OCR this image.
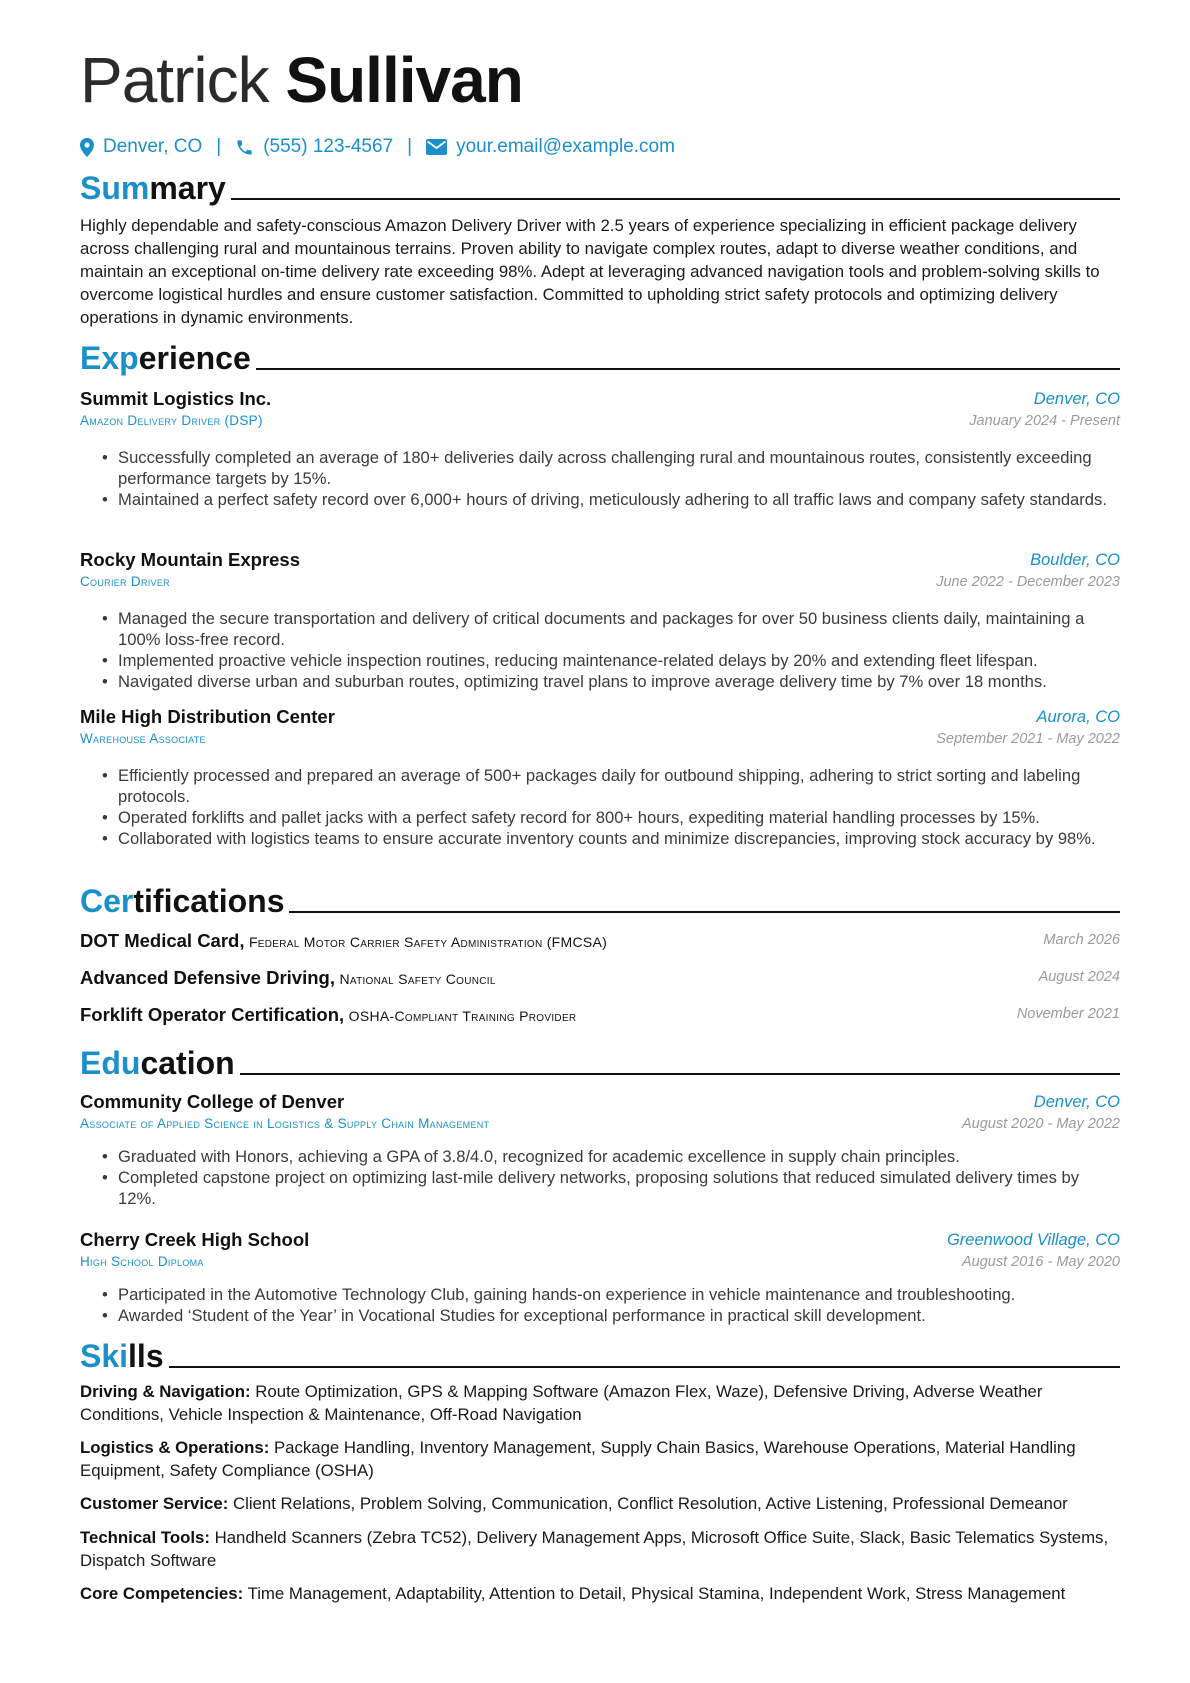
Patrick Sullivan
Denver, CO | (555) 123-4567 | your.email@example.com
Summary
Highly dependable and safety-conscious Amazon Delivery Driver with 2.5 years of experience specializing in efficient package delivery across challenging rural and mountainous terrains. Proven ability to navigate complex routes, adapt to diverse weather conditions, and maintain an exceptional on-time delivery rate exceeding 98%. Adept at leveraging advanced navigation tools and problem-solving skills to overcome logistical hurdles and ensure customer satisfaction. Committed to upholding strict safety protocols and optimizing delivery operations in dynamic environments.
Experience
Summit Logistics Inc.	Denver, CO
Amazon Delivery Driver (DSP)	January 2024 - Present
• Successfully completed an average of 180+ deliveries daily across challenging rural and mountainous routes, consistently exceeding performance targets by 15%.
• Maintained a perfect safety record over 6,000+ hours of driving, meticulously adhering to all traffic laws and company safety standards.
Rocky Mountain Express	Boulder, CO
Courier Driver	June 2022 - December 2023
• Managed the secure transportation and delivery of critical documents and packages for over 50 business clients daily, maintaining a 100% loss-free record.
• Implemented proactive vehicle inspection routines, reducing maintenance-related delays by 20% and extending fleet lifespan.
• Navigated diverse urban and suburban routes, optimizing travel plans to improve average delivery time by 7% over 18 months.
Mile High Distribution Center	Aurora, CO
Warehouse Associate	September 2021 - May 2022
• Efficiently processed and prepared an average of 500+ packages daily for outbound shipping, adhering to strict sorting and labeling protocols.
• Operated forklifts and pallet jacks with a perfect safety record for 800+ hours, expediting material handling processes by 15%.
• Collaborated with logistics teams to ensure accurate inventory counts and minimize discrepancies, improving stock accuracy by 98%.
Certifications
DOT Medical Card, Federal Motor Carrier Safety Administration (FMCSA)	March 2026
Advanced Defensive Driving, National Safety Council	August 2024
Forklift Operator Certification, OSHA-Compliant Training Provider	November 2021
Education
Community College of Denver	Denver, CO
Associate of Applied Science in Logistics & Supply Chain Management	August 2020 - May 2022
• Graduated with Honors, achieving a GPA of 3.8/4.0, recognized for academic excellence in supply chain principles.
• Completed capstone project on optimizing last-mile delivery networks, proposing solutions that reduced simulated delivery times by 12%.
Cherry Creek High School	Greenwood Village, CO
High School Diploma	August 2016 - May 2020
• Participated in the Automotive Technology Club, gaining hands-on experience in vehicle maintenance and troubleshooting.
• Awarded ‘Student of the Year’ in Vocational Studies for exceptional performance in practical skill development.
Skills
Driving & Navigation: Route Optimization, GPS & Mapping Software (Amazon Flex, Waze), Defensive Driving, Adverse Weather Conditions, Vehicle Inspection & Maintenance, Off-Road Navigation
Logistics & Operations: Package Handling, Inventory Management, Supply Chain Basics, Warehouse Operations, Material Handling Equipment, Safety Compliance (OSHA)
Customer Service: Client Relations, Problem Solving, Communication, Conflict Resolution, Active Listening, Professional Demeanor
Technical Tools: Handheld Scanners (Zebra TC52), Delivery Management Apps, Microsoft Office Suite, Slack, Basic Telematics Systems, Dispatch Software
Core Competencies: Time Management, Adaptability, Attention to Detail, Physical Stamina, Independent Work, Stress Management
